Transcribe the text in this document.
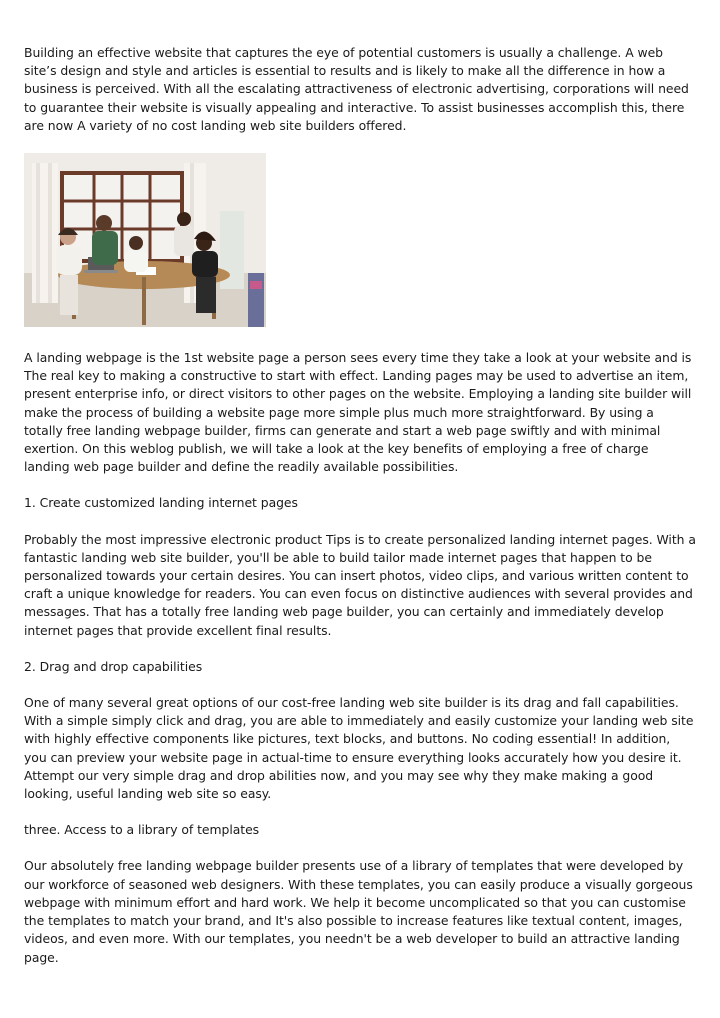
Building an effective website that captures the eye of potential customers is usually a challenge. A web site’s design and style and articles is essential to results and is likely to make all the difference in how a business is perceived. With all the escalating attractiveness of electronic advertising, corporations will need to guarantee their website is visually appealing and interactive. To assist businesses accomplish this, there are now A variety of no cost landing web site builders offered.

A landing webpage is the 1st website page a person sees every time they take a look at your website and is The real key to making a constructive to start with effect. Landing pages may be used to advertise an item, present enterprise info, or direct visitors to other pages on the website. Employing a landing site builder will make the process of building a website page more simple plus much more straightforward. By using a totally free landing webpage builder, firms can generate and start a web page swiftly and with minimal exertion. On this weblog publish, we will take a look at the key benefits of employing a free of charge landing web page builder and define the readily available possibilities.

1. Create customized landing internet pages

Probably the most impressive electronic product Tips is to create personalized landing internet pages. With a fantastic landing web site builder, you'll be able to build tailor made internet pages that happen to be personalized towards your certain desires. You can insert photos, video clips, and various written content to craft a unique knowledge for readers. You can even focus on distinctive audiences with several provides and messages. That has a totally free landing web page builder, you can certainly and immediately develop internet pages that provide excellent final results.

2. Drag and drop capabilities

One of many several great options of our cost-free landing web site builder is its drag and fall capabilities. With a simple simply click and drag, you are able to immediately and easily customize your landing web site with highly effective components like pictures, text blocks, and buttons. No coding essential! In addition, you can preview your website page in actual-time to ensure everything looks accurately how you desire it. Attempt our very simple drag and drop abilities now, and you may see why they make making a good looking, useful landing web site so easy.

three. Access to a library of templates

Our absolutely free landing webpage builder presents use of a library of templates that were developed by our workforce of seasoned web designers. With these templates, you can easily produce a visually gorgeous webpage with minimum effort and hard work. We help it become uncomplicated so that you can customise the templates to match your brand, and It's also possible to increase features like textual content, images, videos, and even more. With our templates, you needn't be a web developer to build an attractive landing page.
